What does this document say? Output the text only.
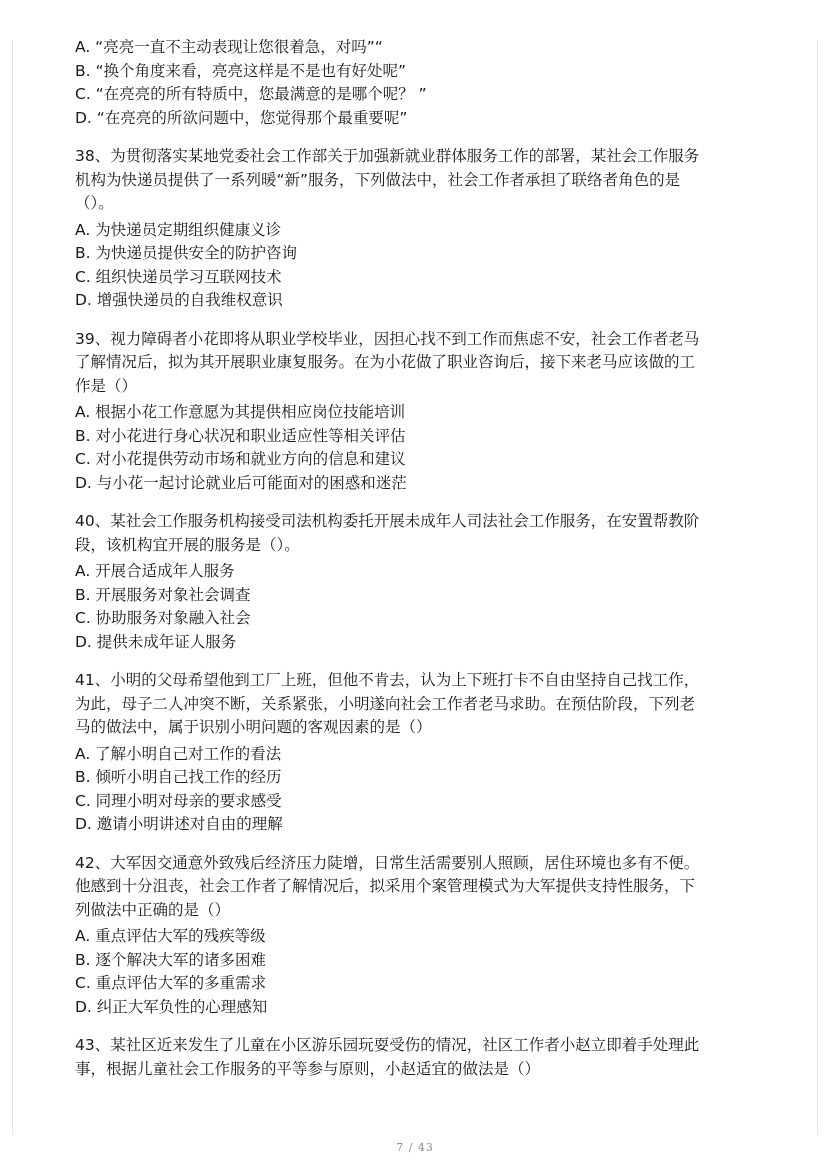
A. “亮亮一直不主动表现让您很着急，对吗”“
B. “换个角度来看，亮亮这样是不是也有好处呢”
C. “在亮亮的所有特质中，您最满意的是哪个呢？ ”
D. “在亮亮的所欲问题中，您觉得那个最重要呢”
38、为贯彻落实某地党委社会工作部关于加强新就业群体服务工作的部署，某社会工作服务
机构为快递员提供了一系列暖“新”服务，下列做法中，社会工作者承担了联络者角色的是
（）。
A. 为快递员定期组织健康义诊
B. 为快递员提供安全的防护咨询
C. 组织快递员学习互联网技术
D. 增强快递员的自我维权意识
39、视力障碍者小花即将从职业学校毕业，因担心找不到工作而焦虑不安，社会工作者老马
了解情况后，拟为其开展职业康复服务。在为小花做了职业咨询后，接下来老马应该做的工
作是（）
A. 根据小花工作意愿为其提供相应岗位技能培训
B. 对小花进行身心状况和职业适应性等相关评估
C. 对小花提供劳动市场和就业方向的信息和建议
D. 与小花一起讨论就业后可能面对的困惑和迷茫
40、某社会工作服务机构接受司法机构委托开展未成年人司法社会工作服务，在安置帮教阶
段，该机构宜开展的服务是（）。
A. 开展合适成年人服务
B. 开展服务对象社会调查
C. 协助服务对象融入社会
D. 提供未成年证人服务
41、小明的父母希望他到工厂上班，但他不肯去，认为上下班打卡不自由坚持自己找工作，
为此，母子二人冲突不断，关系紧张，小明遂向社会工作者老马求助。在预估阶段，下列老
马的做法中，属于识别小明问题的客观因素的是（）
A. 了解小明自己对工作的看法
B. 倾听小明自己找工作的经历
C. 同理小明对母亲的要求感受
D. 邀请小明讲述对自由的理解
42、大军因交通意外致残后经济压力陡增，日常生活需要别人照顾，居住环境也多有不便。
他感到十分沮丧，社会工作者了解情况后，拟采用个案管理模式为大军提供支持性服务，下
列做法中正确的是（）
A. 重点评估大军的残疾等级
B. 逐个解决大军的诸多困难
C. 重点评估大军的多重需求
D. 纠正大军负性的心理感知
43、某社区近来发生了儿童在小区游乐园玩耍受伤的情况，社区工作者小赵立即着手处理此
事，根据儿童社会工作服务的平等参与原则，小赵适宜的做法是（）
7 / 43
